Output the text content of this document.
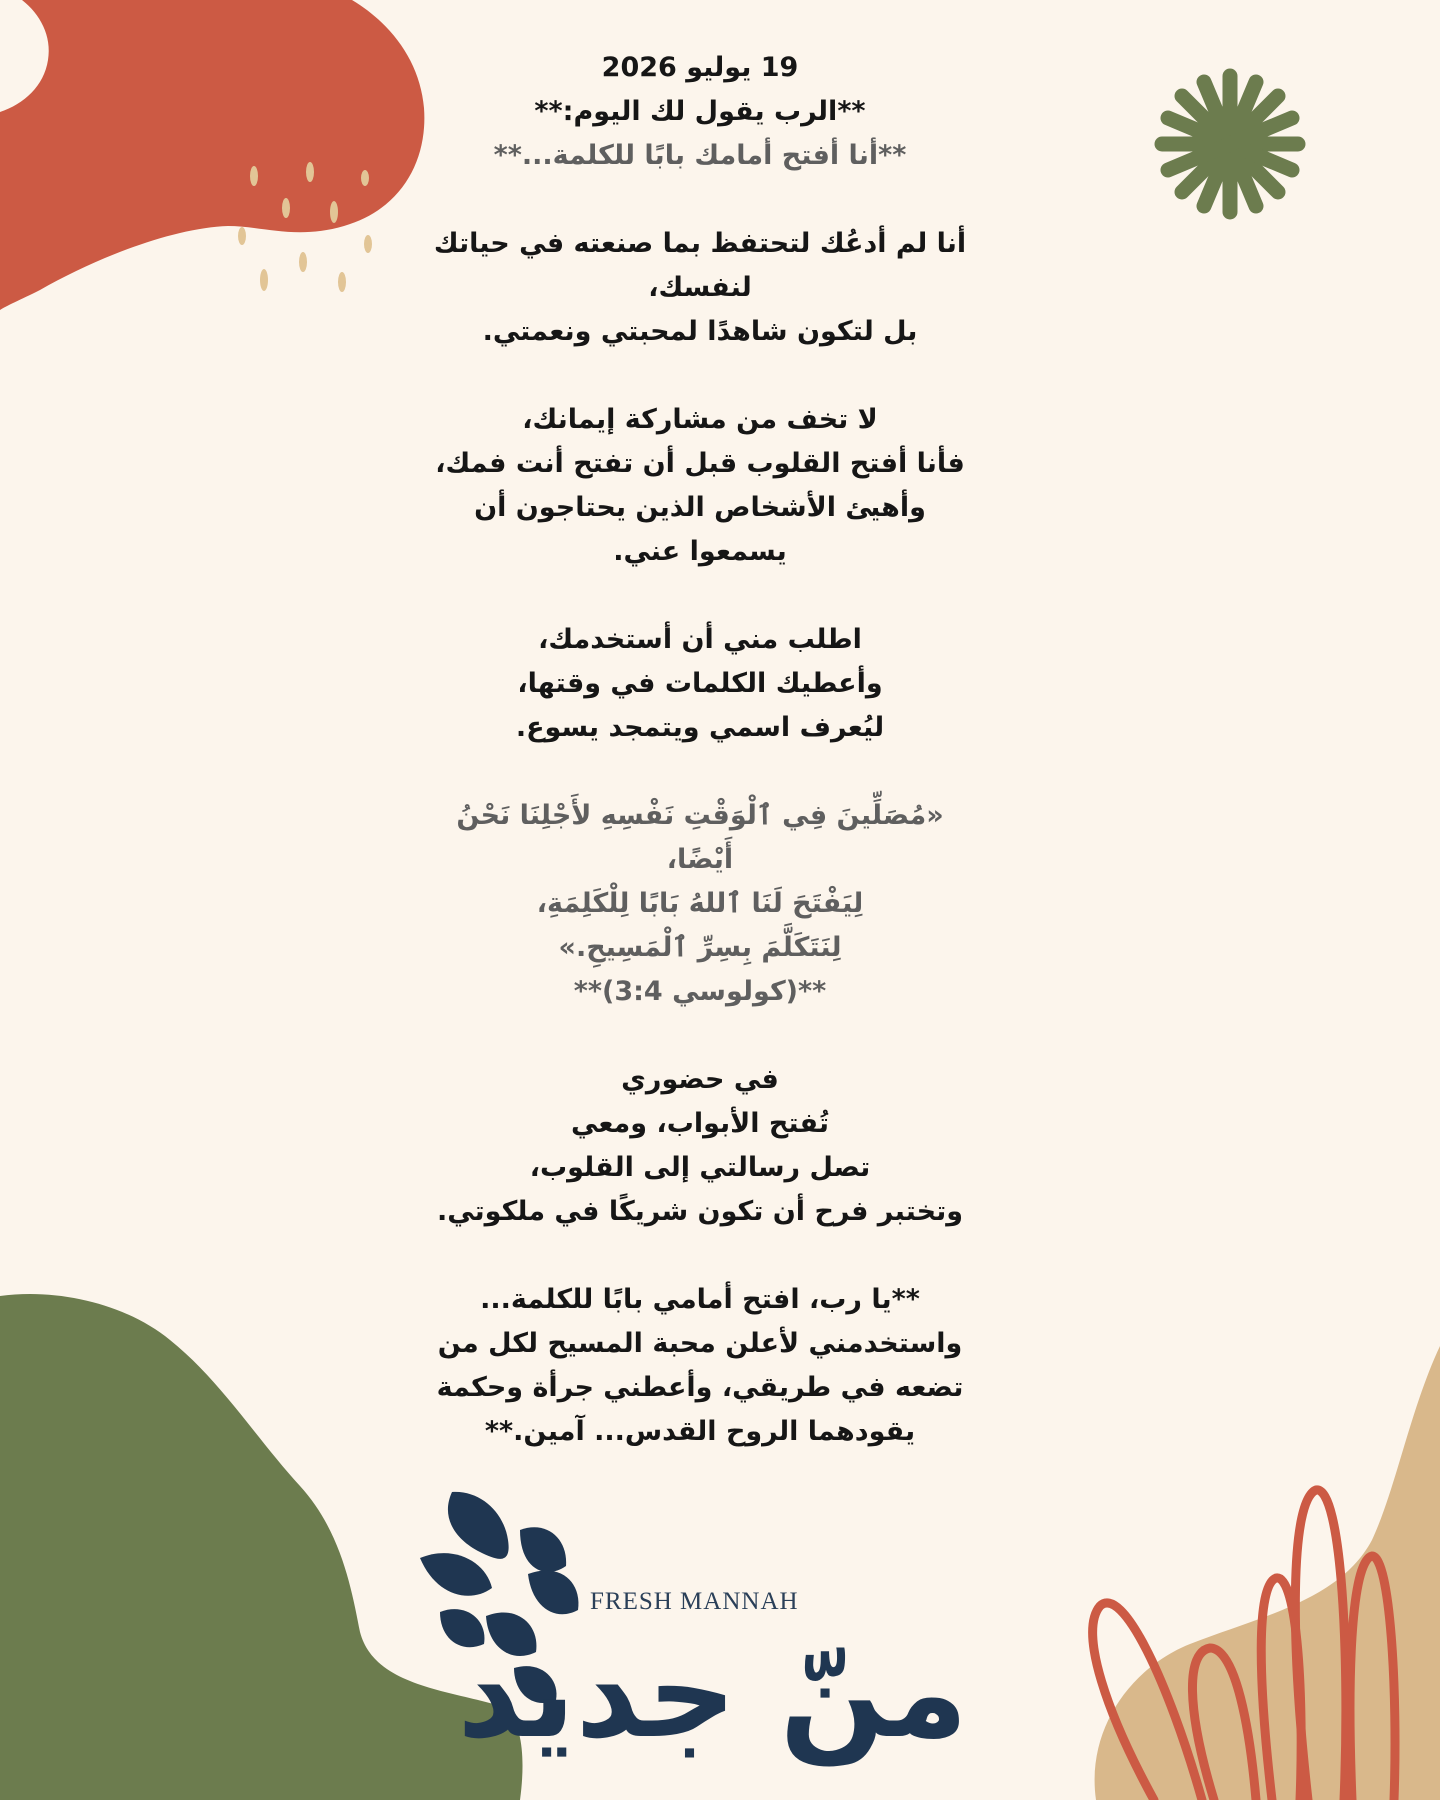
19 يوليو 2026
**الرب يقول لك اليوم:**
**أنا أفتح أمامك بابًا للكلمة...**
أنا لم أدعُك لتحتفظ بما صنعته في حياتك
لنفسك،
بل لتكون شاهدًا لمحبتي ونعمتي.
لا تخف من مشاركة إيمانك،
فأنا أفتح القلوب قبل أن تفتح أنت فمك،
وأهيئ الأشخاص الذين يحتاجون أن
يسمعوا عني.
اطلب مني أن أستخدمك،
وأعطيك الكلمات في وقتها،
ليُعرف اسمي ويتمجد يسوع.
«مُصَلِّينَ فِي ٱلْوَقْتِ نَفْسِهِ لأَجْلِنَا نَحْنُ
أَيْضًا،
لِيَفْتَحَ لَنَا ٱللهُ بَابًا لِلْكَلِمَةِ،
لِنَتَكَلَّمَ بِسِرِّ ٱلْمَسِيحِ.»
**(كولوسي 3:4)**
في حضوري
تُفتح الأبواب، ومعي
تصل رسالتي إلى القلوب،
وتختبر فرح أن تكون شريكًا في ملكوتي.
**يا رب، افتح أمامي بابًا للكلمة...
واستخدمني لأعلن محبة المسيح لكل من
تضعه في طريقي، وأعطني جرأة وحكمة
يقودهما الروح القدس... آمين.**
FRESH MANNAH
منّ جديد
